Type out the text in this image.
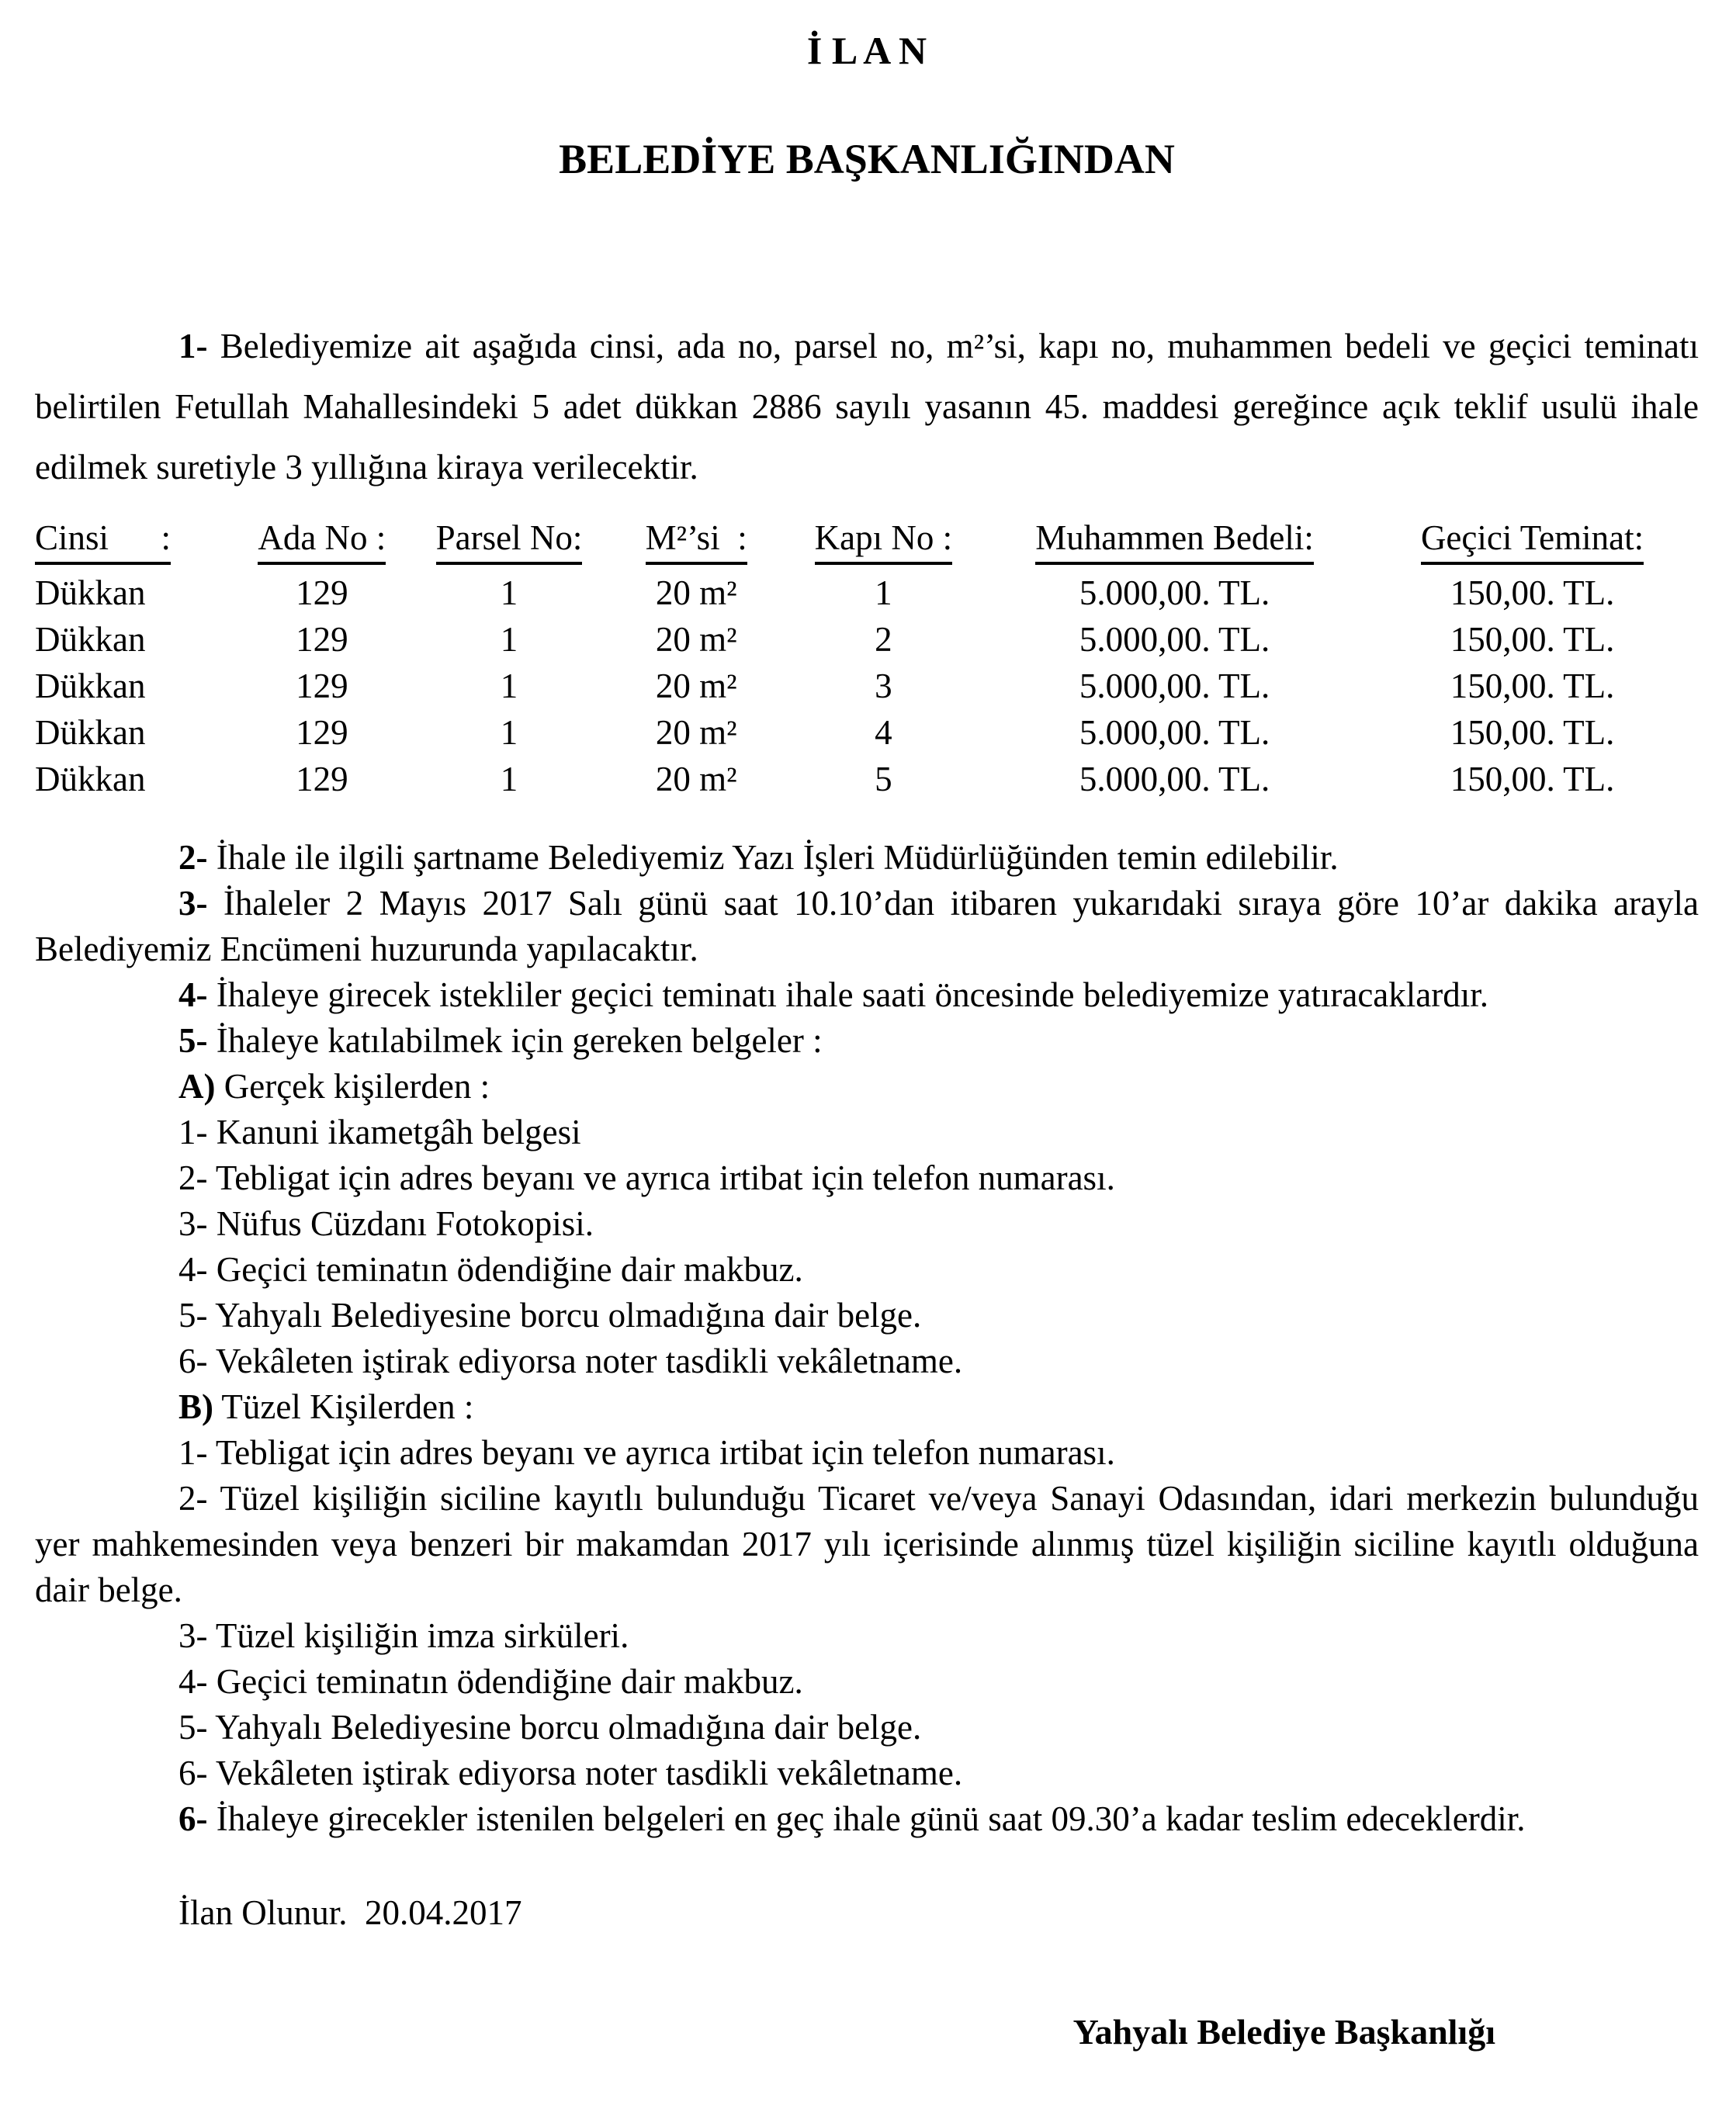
İ L A N

BELEDİYE BAŞKANLIĞINDAN

1- Belediyemize ait aşağıda cinsi, ada no, parsel no, m²’si, kapı no, muhammen bedeli ve geçici teminatı belirtilen Fetullah Mahallesindeki 5 adet dükkan 2886 sayılı yasanın 45. maddesi gereğince açık teklif usulü ihale edilmek suretiyle 3 yıllığına kiraya verilecektir.

Cinsi      :	Ada No :	Parsel No:	M²’si  :	Kapı No :	Muhammen Bedeli:	Geçici Teminat:
Dükkan	129	1	20 m²	1	5.000,00. TL.	150,00. TL.
Dükkan	129	1	20 m²	2	5.000,00. TL.	150,00. TL.
Dükkan	129	1	20 m²	3	5.000,00. TL.	150,00. TL.
Dükkan	129	1	20 m²	4	5.000,00. TL.	150,00. TL.
Dükkan	129	1	20 m²	5	5.000,00. TL.	150,00. TL.

2- İhale ile ilgili şartname Belediyemiz Yazı İşleri Müdürlüğünden temin edilebilir.

3- İhaleler 2 Mayıs 2017 Salı günü saat 10.10’dan itibaren yukarıdaki sıraya göre 10’ar dakika arayla Belediyemiz Encümeni huzurunda yapılacaktır.

4- İhaleye girecek istekliler geçici teminatı ihale saati öncesinde belediyemize yatıracaklardır.

5- İhaleye katılabilmek için gereken belgeler :

A) Gerçek kişilerden :

1- Kanuni ikametgâh belgesi

2- Tebligat için adres beyanı ve ayrıca irtibat için telefon numarası.

3- Nüfus Cüzdanı Fotokopisi.

4- Geçici teminatın ödendiğine dair makbuz.

5- Yahyalı Belediyesine borcu olmadığına dair belge.

6- Vekâleten iştirak ediyorsa noter tasdikli vekâletname.

B) Tüzel Kişilerden :

1- Tebligat için adres beyanı ve ayrıca irtibat için telefon numarası.

2- Tüzel kişiliğin siciline kayıtlı bulunduğu Ticaret ve/veya Sanayi Odasından, idari merkezin bulunduğu yer mahkemesinden veya benzeri bir makamdan 2017 yılı içerisinde alınmış tüzel kişiliğin siciline kayıtlı olduğuna dair belge.

3- Tüzel kişiliğin imza sirküleri.

4- Geçici teminatın ödendiğine dair makbuz.

5- Yahyalı Belediyesine borcu olmadığına dair belge.

6- Vekâleten iştirak ediyorsa noter tasdikli vekâletname.

6- İhaleye girecekler istenilen belgeleri en geç ihale günü saat 09.30’a kadar teslim edeceklerdir.

İlan Olunur.  20.04.2017

Yahyalı Belediye Başkanlığı
